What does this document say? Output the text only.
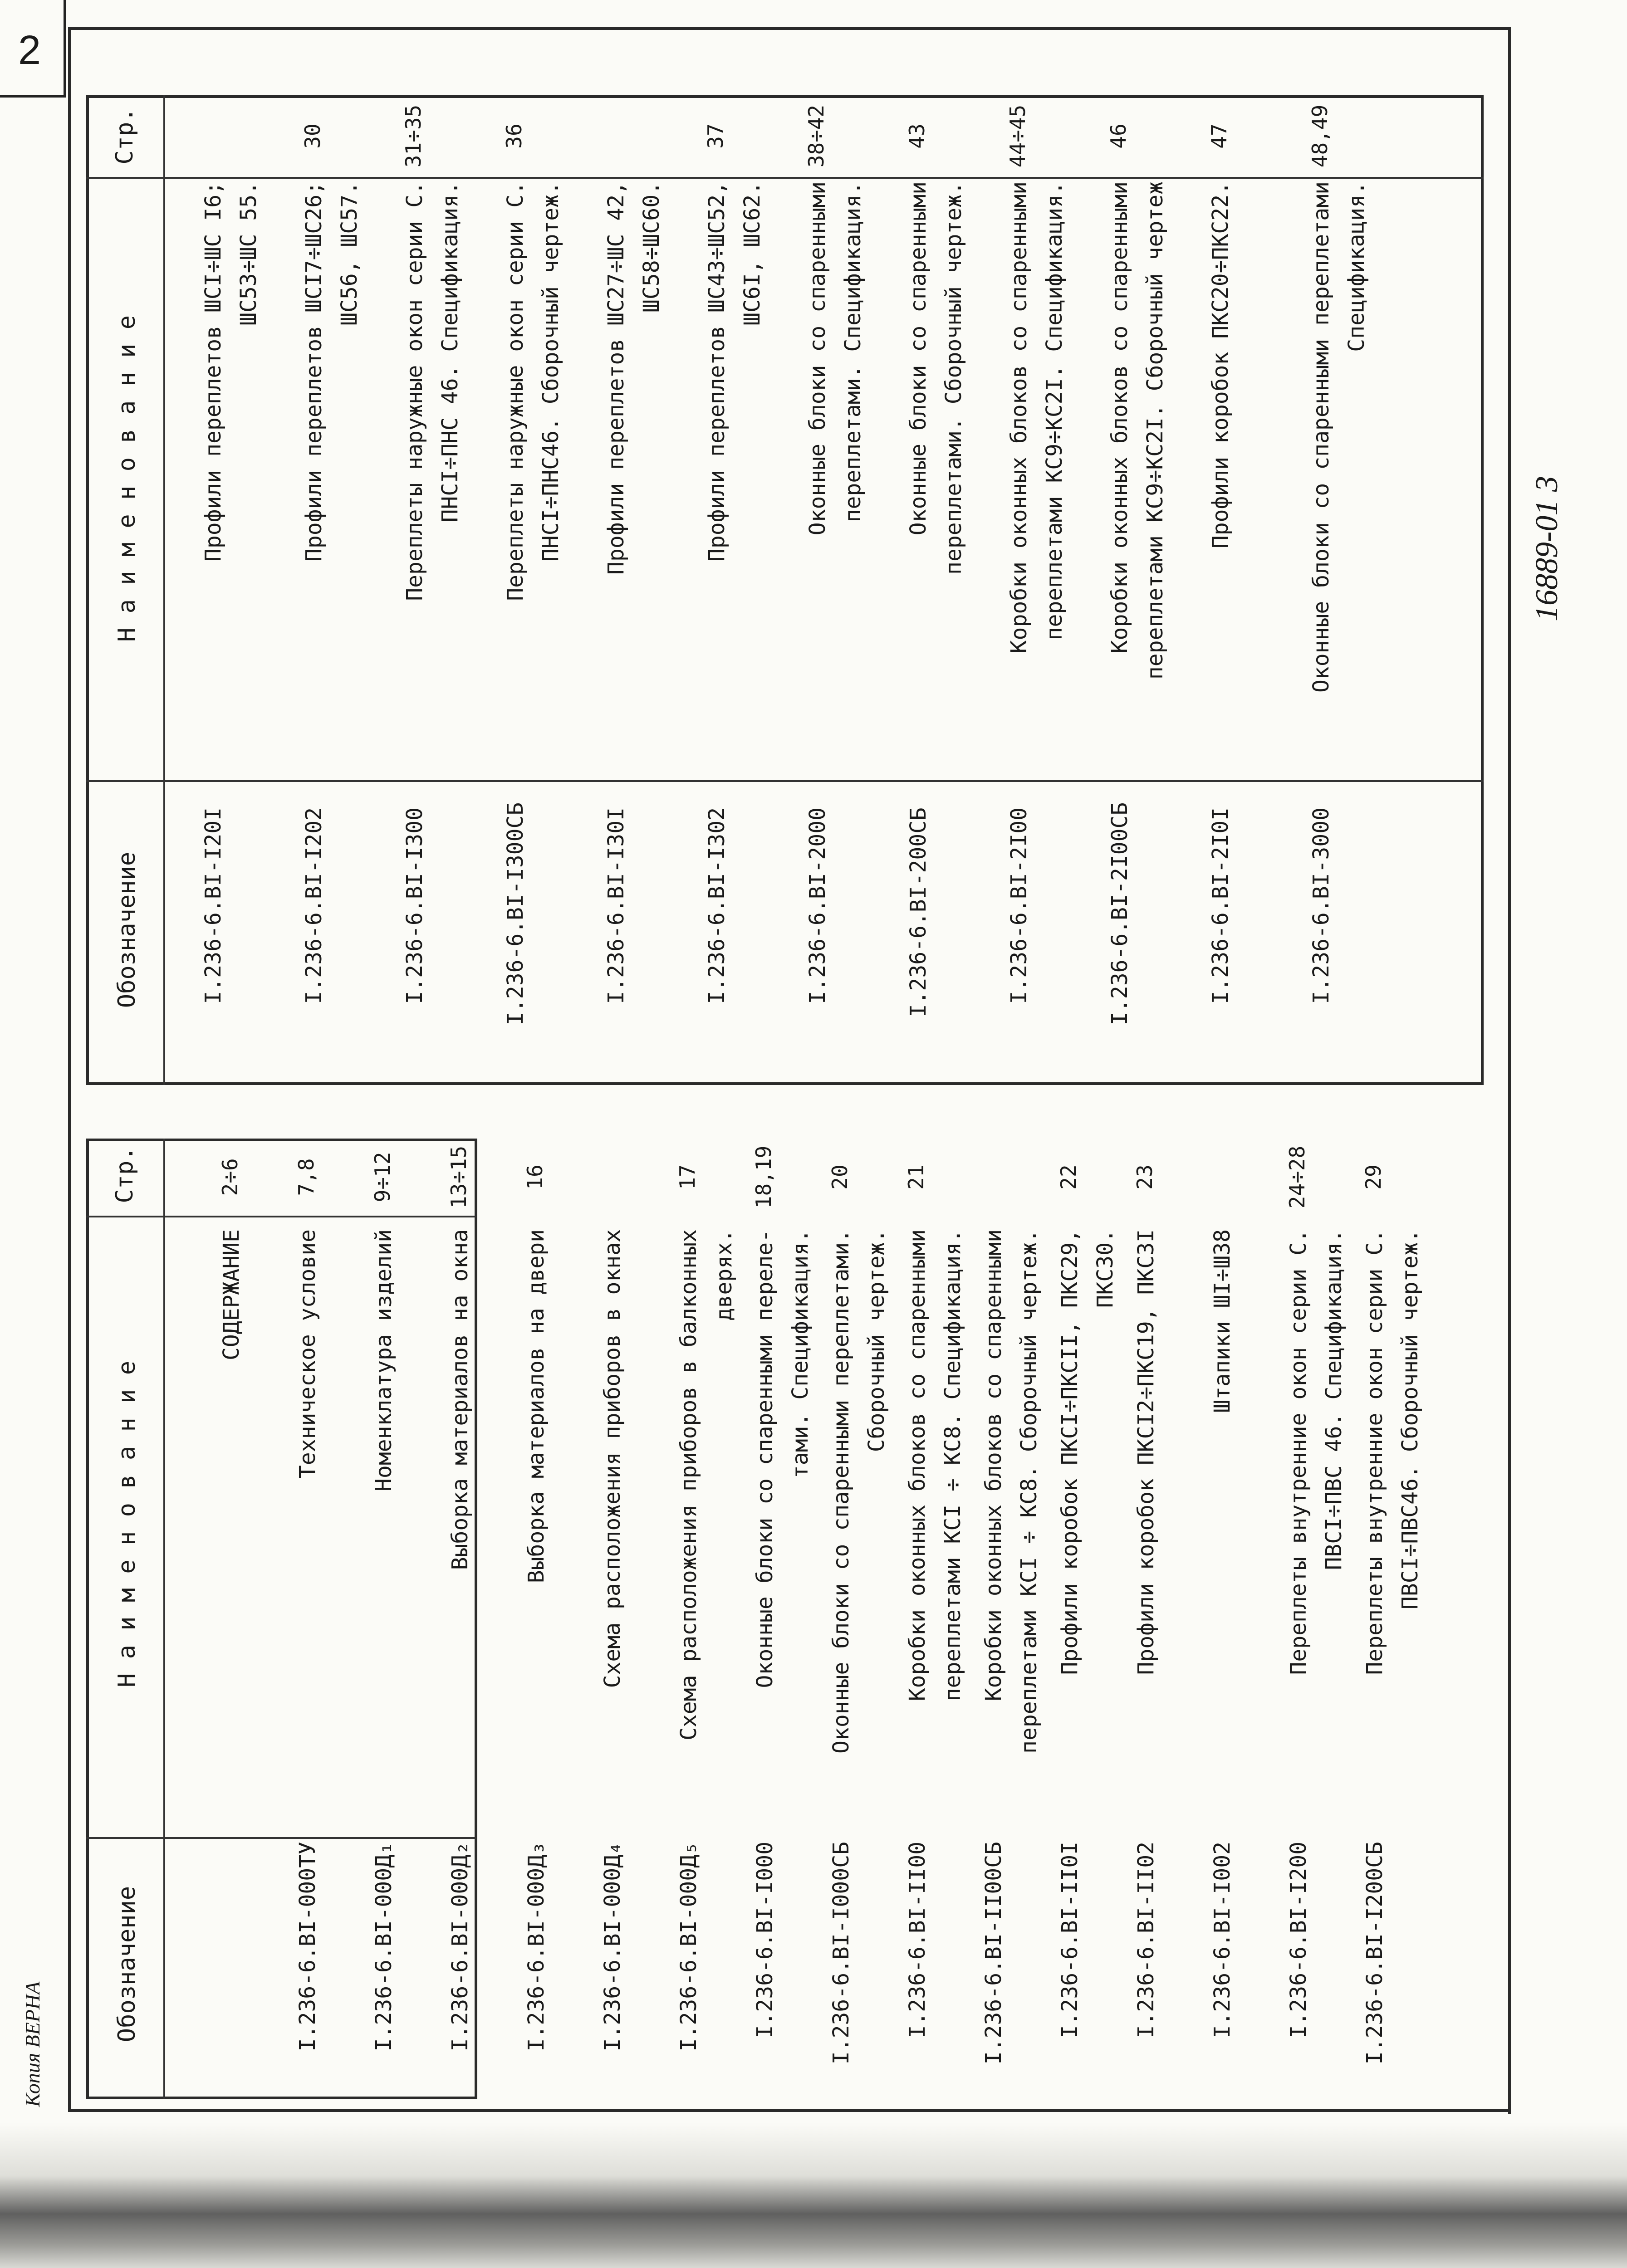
2
Копия ВЕРНА
16889-01 3
Стр.
Н а и м е н о в а н и е
Обозначение
СОДЕРЖАНИЕ
2÷6
I.236-6.BI-000ТУ
Техническое условие
7,8
I.236-6.BI-000Д₁
Номенклатура изделий
9÷12
I.236-6.BI-000Д₂
Выборка материалов на окна
13÷15
I.236-6.BI-000Д₃
Выборка материалов на двери
16
I.236-6.BI-000Д₄
Схема расположения приборов в окнах
I.236-6.BI-000Д₅
Схема расположения приборов в балконных дверях.
17
I.236-6.BI-I000
Оконные блоки со спаренными переле- тами. Спецификация.
18,19
I.236-6.BI-I000СБ
Оконные блоки со спаренными переплетами. Сборочный чертеж.
20
I.236-6.BI-II00
Коробки оконных блоков со спаренными переплетами КСI ÷ КС8. Спецификация.
21
I.236-6.BI-II00СБ
Коробки оконных блоков со спаренными переплетами КСI ÷ КС8. Сборочный чертеж.
I.236-6.BI-II0I
Профили коробок ПКСI÷ПКСII, ПКС29, ПКС30.
22
I.236-6.BI-II02
Профили коробок ПКСI2÷ПКС19, ПКС3I
23
I.236-6.BI-I002
Штапики ШI÷Ш38
I.236-6.BI-I200
Переплеты внутренние окон серии С. ПВСI÷ПВС 46. Спецификация.
24÷28
I.236-6.BI-I200СБ
Переплеты внутренние окон серии С. ПВСI÷ПВС46. Сборочный чертеж.
29
Стр.
Н а и м е н о в а н и е
Обозначение	I.236-6.BI-I20I
Профили переплетов ШСI÷ШС I6; ШС53÷ШС 55.
I.236-6.BI-I202
Профили переплетов ШСI7÷ШС26; ШС56, ШС57.
30
I.236-6.BI-I300
Переплеты наружные окон серии С. ПНСI÷ПНС 46. Спецификация.
31÷35
I.236-6.BI-I300СБ
Переплеты наружные окон серии С. ПНСI÷ПНС46. Сборочный чертеж.
36
I.236-6.BI-I30I
Профили переплетов ШС27÷ШС 42, ШС58÷ШС60.
I.236-6.BI-I302
Профили переплетов ШС43÷ШС52, ШС6I, ШС62.
37
I.236-6.BI-2000
Оконные блоки со спаренными переплетами. Спецификация.
38÷42
I.236-6.BI-200СБ
Оконные блоки со спаренными переплетами. Сборочный чертеж.
43
I.236-6.BI-2I00
Коробки оконных блоков со спаренными переплетами КС9÷КС2I. Спецификация.
44÷45
I.236-6.BI-2I00СБ
Коробки оконных блоков со спаренными переплетами КС9÷КС2I. Сборочный чертеж
46
I.236-6.BI-2I0I
Профили коробок ПКС20÷ПКС22.
47
I.236-6.BI-3000
Оконные блоки со спаренными переплетами Спецификация.
48,49
